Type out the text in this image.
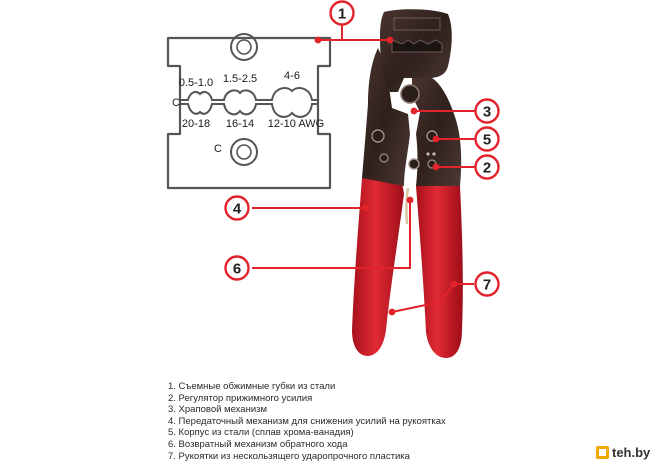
0.5-1.0 1.5-2.5 4-6
20-18 16-14 12-10 AWG
C
C
1
2
3
4
5
6
7
1. Съемные обжимные губки из стали
2. Регулятор прижимного усилия
3. Храповой механизм
4. Передаточный механизм для снижения усилий на рукоятках
5. Корпус из стали (сплав хрома-ванадия)
6. Возвратный механизм обратного хода
7. Рукоятки из нескользящего ударопрочного пластика	teh.by
